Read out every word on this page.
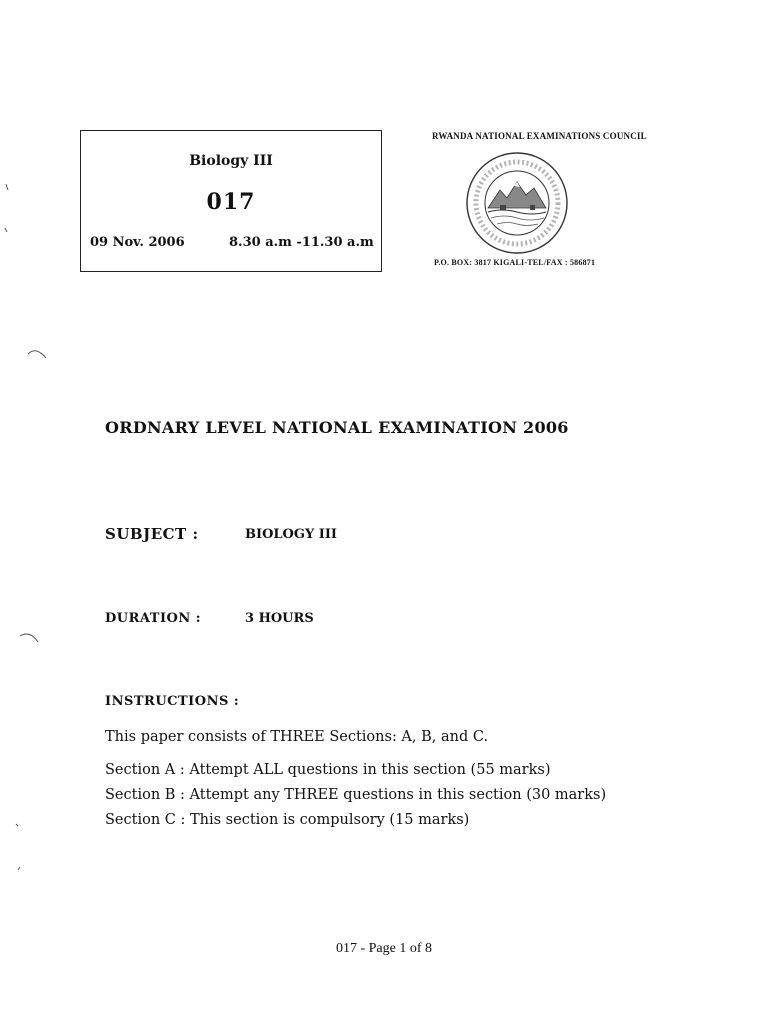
Biology III
017
09 Nov. 2006	8.30 a.m -11.30 a.m
RWANDA NATIONAL EXAMINATIONS COUNCIL
P.O. BOX: 3817 KIGALI-TEL/FAX : 586871
ORDNARY LEVEL NATIONAL EXAMINATION 2006
SUBJECT :	BIOLOGY III
DURATION :	3 HOURS
INSTRUCTIONS :
This paper consists of THREE Sections: A, B, and C.
Section A : Attempt ALL questions in this section (55 marks)
Section B : Attempt any THREE questions in this section (30 marks)
Section C : This section is compulsory (15 marks)
017 - Page 1 of 8
